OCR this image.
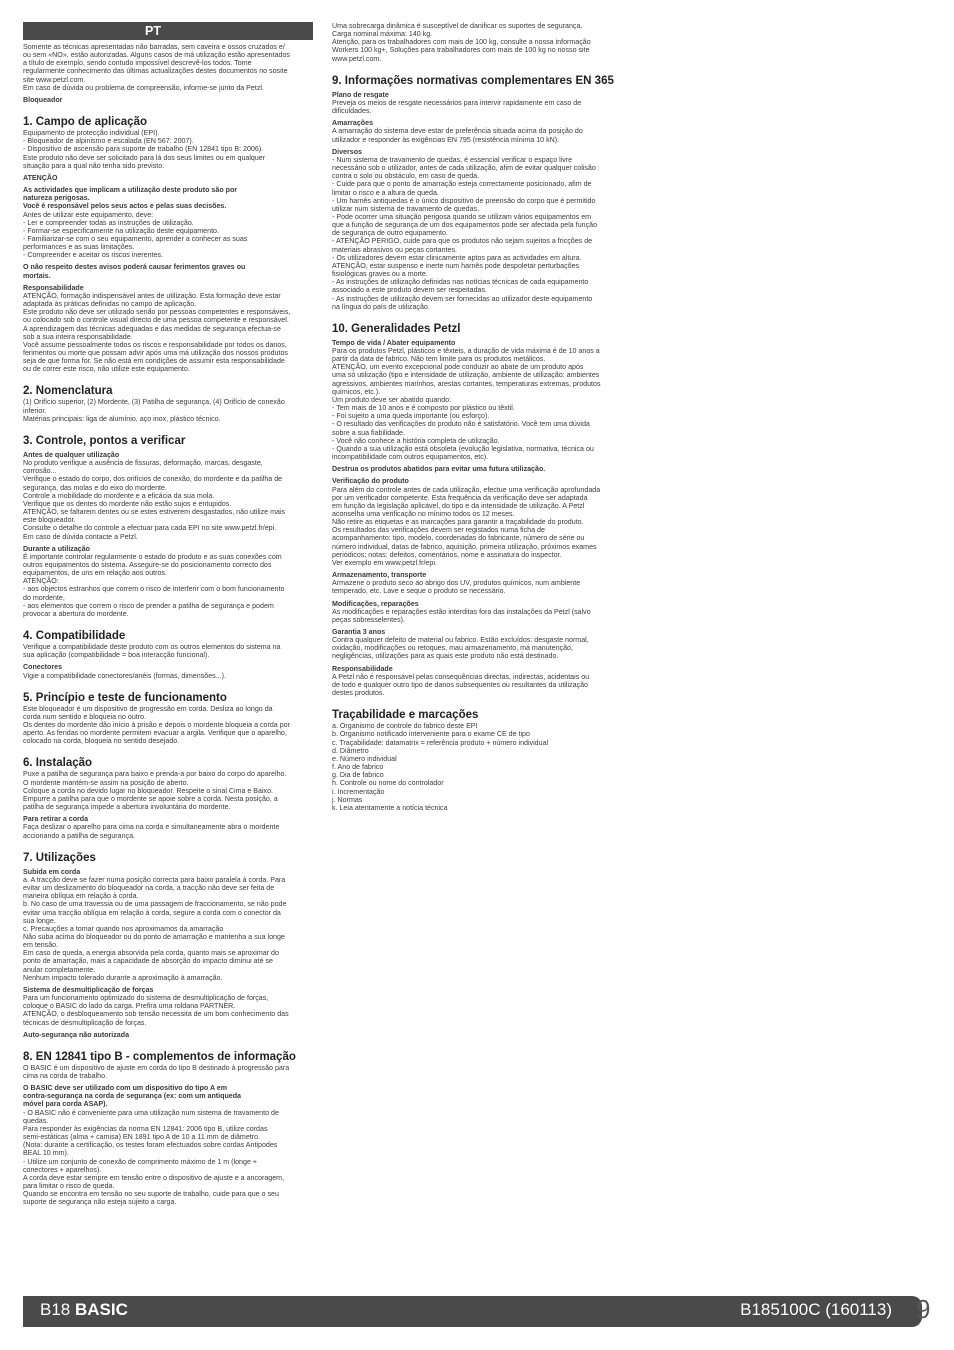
PT
Somente as técnicas apresentadas não barradas, sem caveira e ossos cruzados e/
ou sem «NO», estão autorizadas. Alguns casos de má utilização estão apresentados
a título de exemplo, sendo contudo impossível descrevê-los todos. Tome
regularmente conhecimento das últimas actualizações destes documentos no sosite
site www.petzl.com.
Em caso de dúvida ou problema de compreensão, informe-se junto da Petzl.
Bloqueador
1. Campo de aplicação
Equipamento de protecção individual (EPI).
- Bloqueador de alpinismo e escalada (EN 567: 2007).
- Dispositivo de ascensão para suporte de trabalho (EN 12841 tipo B: 2006).
Este produto não deve ser solicitado para lá dos seus limites ou em qualquer
situação para a qual não tenha sido previsto.
ATENÇÃO
As actividades que implicam a utilização deste produto são por
natureza perigosas.
Você é responsável pelos seus actos e pelas suas decisões.
Antes de utilizar este equipamento, deve:
- Ler e compreender todas as instruções de utilização.
- Formar-se especificamente na utilização deste equipamento.
- Familiarizar-se com o seu equipamento, aprender a conhecer as suas
performances e as suas limitações.
- Compreender e aceitar os riscos inerentes.
O não respeito destes avisos poderá causar ferimentos graves ou
mortais.
Responsabilidade
ATENÇÃO, formação indispensável antes de utilização. Esta formação deve estar
adaptada às práticas definidas no campo de aplicação.
Este produto não deve ser utilizado senão por pessoas competentes e responsáveis,
ou colocado sob o controle visual directo de uma pessoa competente e responsável.
A aprendizagem das técnicas adequadas e das medidas de segurança efectua-se
sob a sua inteira responsabilidade.
Você assume pessoalmente todos os riscos e responsabilidade por todos os danos,
ferimentos ou morte que possam advir após uma má utilização dos nossos produtos
seja de que forma for. Se não está em condições de assumir esta responsabilidade
ou de correr este risco, não utilize este equipamento.
2. Nomenclatura
(1) Orifício superior, (2) Mordente, (3) Patilha de segurança, (4) Orifício de conexão
inferior.
Matérias principais: liga de alumínio, aço inox, plástico técnico.
3. Controle, pontos a verificar
Antes de qualquer utilização
No produto verifique a ausência de fissuras, deformação, marcas, desgaste,
corrosão...
Verifique o estado do corpo, dos orifícios de conexão, do mordente e da patilha de
segurança, das molas e do eixo do mordente.
Controle a mobilidade do mordente e a eficácia da sua mola.
Verifique que os dentes do mordente não estão sujos e entupidos.
ATENÇÃO, se faltarem dentes ou se estes estiverem desgastados, não utilize mais
este bloqueador.
Consulte o detalhe do controle a efectuar para cada EPI no site www.petzl.fr/epi.
Em caso de dúvida contacte a Petzl.
Durante a utilização
É importante controlar regularmente o estado do produto e as suas conexões com
outros equipamentos do sistema. Assegure-se do posicionamento correcto dos
equipamentos, de uns em relação aos outros.
ATENÇÃO:
- aos objectos estranhos que correm o risco de interferir com o bom funcionamento
do mordente,
- aos elementos que correm o risco de prender a patilha de segurança e podem
provocar a abertura do mordente.
4. Compatibilidade
Verifique a compatibilidade deste produto com os outros elementos do sistema na
sua aplicação (compatibilidade = boa interacção funcional).
Conectores
Vigie a compatibilidade conectores/anéis (formas, dimensões...).
5. Princípio e teste de funcionamento
Este bloqueador é um dispositivo de progressão em corda. Desliza ao longo da
corda num sentido e bloqueia no outro.
Os dentes do mordente dão início à prisão e depois o mordente bloqueia a corda por
aperto. As fendas no mordente permitem evacuar a argila. Verifique que o aparelho,
colocado na corda, bloqueia no sentido desejado.
6. Instalação
Puxe a patilha de segurança para baixo e prenda-a por baixo do corpo do aparelho.
O mordente mantém-se assim na posição de aberto.
Coloque a corda no devido lugar no bloqueador. Respeite o sinal Cima e Baixo.
Empurre a patilha para que o mordente se apoie sobre a corda. Nesta posição, a
patilha de segurança impede a abertura involuntária do mordente.
Para retirar a corda
Faça deslizar o aparelho para cima na corda e simultaneamente abra o mordente
accionando a patilha de segurança.
7. Utilizações
Subida em corda
a. A tracção deve se fazer numa posição correcta para baixo paralela à corda. Para
evitar um deslizamento do bloqueador na corda, a tracção não deve ser feita de
maneira oblíqua em relação à corda.
b. No caso de uma travessia ou de uma passagem de fraccionamento, se não pode
evitar uma tracção oblíqua em relação à corda, segure a corda com o conector da
sua longe.
c. Precauções a tomar quando nos aproximamos da amarração
Não suba acima do bloqueador ou do ponto de amarração e mantenha a sua longe
em tensão.
Em caso de queda, a energia absorvida pela corda, quanto mais se aproximar do
ponto de amarração, mais a capacidade de absorção do impacto diminui até se
anular completamente.
Nenhum impacto tolerado durante a aproximação à amarração.
Sistema de desmultiplicação de forças
Para um funcionamento optimizado do sistema de desmultiplicação de forças,
coloque o BASIC do lado da carga. Prefira uma roldana PARTNER.
ATENÇÃO, o desbloqueamento sob tensão necessita de um bom conhecimento das
técnicas de desmultiplicação de forças.
Auto-segurança não autorizada
8. EN 12841 tipo B - complementos de informação
O BASIC é um dispositivo de ajuste em corda do tipo B destinado à progressão para
cima na corda de trabalho.
O BASIC deve ser utilizado com um dispositivo do tipo A em
contra-segurança na corda de segurança (ex: com um antiqueda
móvel para corda ASAP).
- O BASIC não é conveniente para uma utilização num sistema de travamento de
quedas.
Para responder às exigências da norma EN 12841: 2006 tipo B, utilize cordas
semi-estáticas (alma + camisa) EN 1891 tipo A de 10 a 11 mm de diâmetro.
(Nota: durante a certificação, os testes foram efectuados sobre cordas Antipodes
BEAL 10 mm).
- Utilize um conjunto de conexão de comprimento máximo de 1 m (longe +
conectores + aparelhos).
A corda deve estar sempre em tensão entre o dispositivo de ajuste e a ancoragem,
para limitar o risco de queda.
Quando se encontra em tensão no seu suporte de trabalho, cuide para que o seu
suporte de segurança não esteja sujeito a carga.
Uma sobrecarga dinâmica é susceptível de danificar os suportes de segurança.
Carga nominal máxima: 140 kg.
Atenção, para os trabalhadores com mais de 100 kg, consulte a nossa informação
Workers 100 kg+, Soluções para trabalhadores com mais de 100 kg no nosso site
www.petzl.com.
9. Informações normativas complementares EN 365
Plano de resgate
Preveja os meios de resgate necessários para intervir rapidamente em caso de
dificuldades.
Amarrações
A amarração do sistema deve estar de preferência situada acima da posição do
utilizador e responder às exigências EN 795 (resistência mínima 10 kN).
Diversos
- Num sistema de travamento de quedas, é essencial verificar o espaço livre
necessário sob o utilizador, antes de cada utilização, afim de evitar qualquer colisão
contra o solo ou obstáculo, em caso de queda.
- Cuide para que o ponto de amarração esteja correctamente posicionado, afim de
limitar o risco e a altura de queda.
- Um harnês antiquedas é o único dispositivo de preensão do corpo que é permitido
utilizar num sistema de travamento de quedas.
- Pode ocorrer uma situação perigosa quando se utilizam vários equipamentos em
que a função de segurança de um dos equipamentos pode ser afectada pela função
de segurança de outro equipamento.
- ATENÇÃO PERIGO, cuide para que os produtos não sejam sujeitos a fricções de
materiais abrasivos ou peças cortantes.
- Os utilizadores devem estar clinicamente aptos para as actividades em altura.
ATENÇÃO, estar suspenso e inerte num harnês pode despoletar perturbações
fisiológicas graves ou a morte.
- As instruções de utilização definidas nas notícias técnicas de cada equipamento
associado a este produto devem ser respeitadas.
- As instruções de utilização devem ser fornecidas ao utilizador deste equipamento
na língua do país de utilização.
10. Generalidades Petzl
Tempo de vida / Abater equipamento
Para os produtos Petzl, plásticos e têxteis, a duração de vida máxima é de 10 anos a
partir da data de fabrico. Não tem limite para os produtos metálicos.
ATENÇÃO, um evento excepcional pode conduzir ao abate de um produto após
uma só utilização (tipo e intensidade de utilização, ambiente de utilização: ambientes
agressivos, ambientes marinhos, arestas cortantes, temperaturas extremas, produtos
químicos, etc.).
Um produto deve ser abatido quando:
- Tem mais de 10 anos e é composto por plástico ou têxtil.
- Foi sujeito a uma queda importante (ou esforço).
- O resultado das verificações do produto não é satisfatório. Você tem uma dúvida
sobre a sua fiabilidade.
- Você não conhece a história completa de utilização.
- Quando a sua utilização está obsoleta (evolução legislativa, normativa, técnica ou
incompatibilidade com outros equipamentos, etc).
Destrua os produtos abatidos para evitar uma futura utilização.
Verificação do produto
Para além do controle antes de cada utilização, efectue uma verificação aprofundada
por um verificador competente. Esta frequência da verificação deve ser adaptada
em função da legislação aplicável, do tipo e da intensidade de utilização. A Petzl
aconselha uma verificação no mínimo todos os 12 meses.
Não retire as etiquetas e as marcações para garantir a traçabilidade do produto.
Os resultados das verificações devem ser registados numa ficha de
acompanhamento: tipo, modelo, coordenadas do fabricante, número de série ou
número individual, datas de fabrico, aquisição, primeira utilização, próximos exames
periódicos; notas: defeitos, comentários, nome e assinatura do inspector.
Ver exemplo em www.petzl.fr/epi.
Armazenamento, transporte
Armazene o produto seco ao abrigo dos UV, produtos químicos, num ambiente
temperado, etc. Lave e seque o produto se necessário.
Modificações, reparações
As modificações e reparações estão interditas fora das instalações da Petzl (salvo
peças sobresselentes).
Garantia 3 anos
Contra qualquer defeito de material ou fabrico. Estão excluídos: desgaste normal,
oxidação, modificações ou retoques, mau armazenamento, má manutenção,
negligências, utilizações para as quais este produto não está destinado.
Responsabilidade
A Petzl não é responsável pelas consequências directas, indirectas, acidentais ou
de todo e qualquer outro tipo de danos subsequentes ou resultantes da utilização
destes produtos.
Traçabilidade e marcações
a. Organismo de controle do fabrico deste EPI
b. Organismo notificado interveniente para o exame CE de tipo
c. Traçabilidade: datamatrix = referência produto + número individual
d. Diâmetro
e. Número individual
f. Ano de fabrico
g. Dia de fabrico
h. Controle ou nome do controlador
i. Incrementação
j. Normas
k. Leia atentamente a notícia técnica
B18 BASIC	B185100C (160113) 9
